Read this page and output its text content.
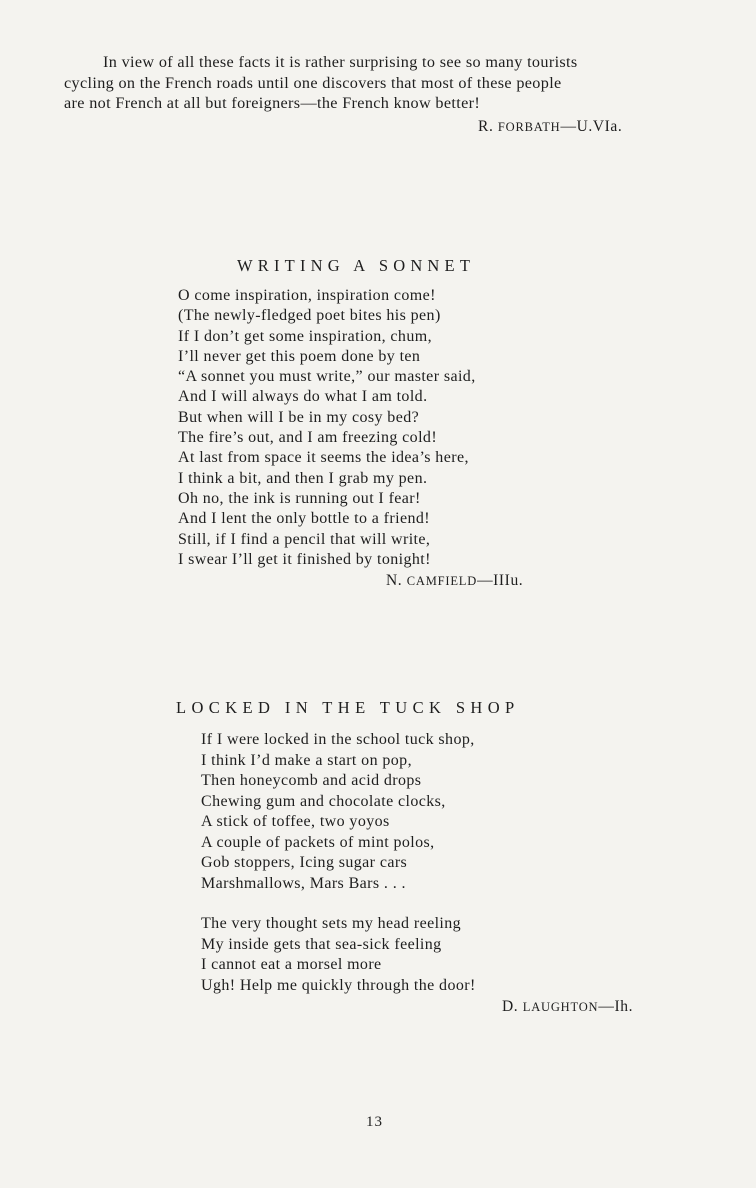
In view of all these facts it is rather surprising to see so many tourists
cycling on the French roads until one discovers that most of these people
are not French at all but foreigners—the French know better!

R. FORBATH—U.VIa.
WRITING A SONNET
O come inspiration, inspiration come!
(The newly-fledged poet bites his pen)
If I don’t get some inspiration, chum,
I’ll never get this poem done by ten
“A sonnet you must write,” our master said,
And I will always do what I am told.
But when will I be in my cosy bed?
The fire’s out, and I am freezing cold!
At last from space it seems the idea’s here,
I think a bit, and then I grab my pen.
Oh no, the ink is running out I fear!
And I lent the only bottle to a friend!
Still, if I find a pencil that will write,
I swear I’ll get it finished by tonight!
N. CAMFIELD—IIIu.
LOCKED IN THE TUCK SHOP
If I were locked in the school tuck shop,
I think I’d make a start on pop,
Then honeycomb and acid drops
Chewing gum and chocolate clocks,
A stick of toffee, two yoyos
A couple of packets of mint polos,
Gob stoppers, Icing sugar cars
Marshmallows, Mars Bars . . .
The very thought sets my head reeling
My inside gets that sea-sick feeling
I cannot eat a morsel more
Ugh! Help me quickly through the door!
D. LAUGHTON—Ih.
13
